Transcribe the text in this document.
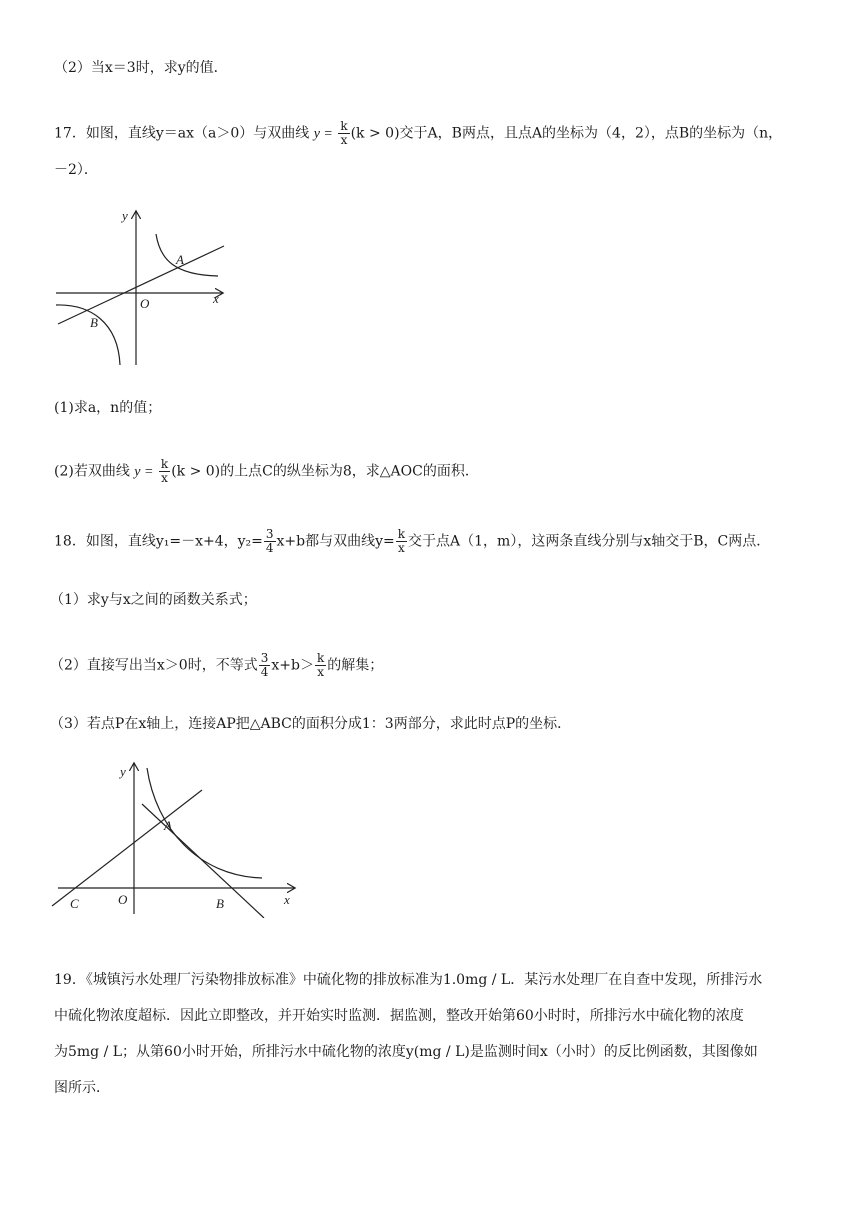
（2）当x＝3时，求y的值．
17．如图，直线y＝ax（a＞0）与双曲线 $y = \frac{k}{x} (k > 0)$交于A，B两点，且点A的坐标为（4，2），点B的坐标为（n，
－2）．
y
x
O
A
B
(1)求a，n的值；
(2)若双曲线 $y = \frac{k}{x} (k > 0)$的上点C的纵坐标为8，求△AOC的面积．
18．如图，直线y₁=－x+4，$y_2= \frac{3}{4} x+b$都与双曲线$y= \frac{k}{x}$ 交于点A（1，m），这两条直线分别与x轴交于B，C两点．
（1）求y与x之间的函数关系式；
（2）直接写出当x＞0时，不等式 $\frac{3}{4} x+b> \frac{k}{x}$ 的解集；
（3）若点P在x轴上，连接AP把△ABC的面积分成1：3两部分，求此时点P的坐标．
y
x
O
A
B
C
19．《城镇污水处理厂污染物排放标准》中硫化物的排放标准为1.0mg / L．某污水处理厂在自查中发现，所排污水
中硫化物浓度超标．因此立即整改，并开始实时监测．据监测，整改开始第60小时时，所排污水中硫化物的浓度
为5mg / L；从第60小时开始，所排污水中硫化物的浓度y(mg / L)是监测时间x（小时）的反比例函数，其图像如
图所示．
